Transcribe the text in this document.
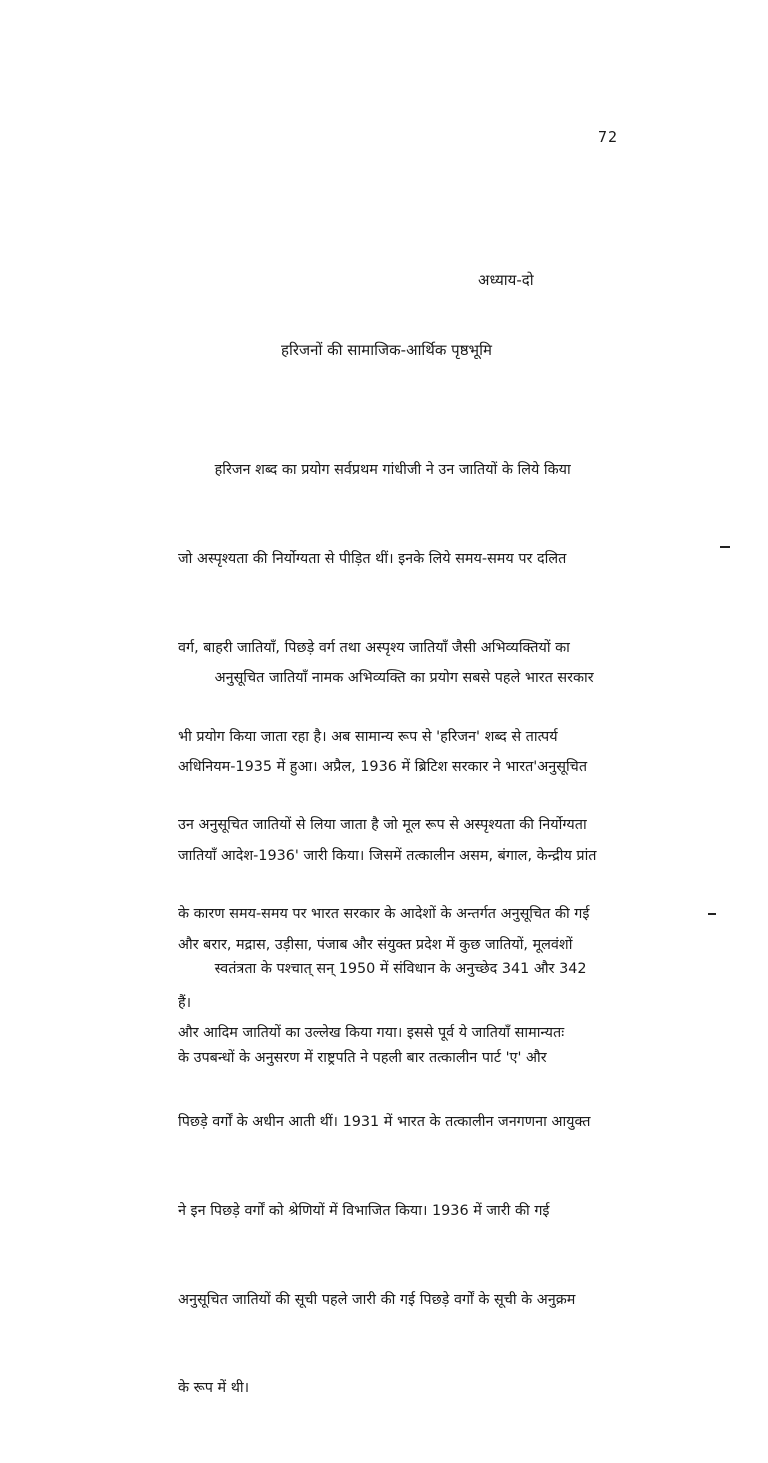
72
अध्याय-दो
हरिजनों की सामाजिक-आर्थिक पृष्ठभूमि

हरिजन शब्द का प्रयोग सर्वप्रथम गांधीजी ने उन जातियों के लिये किया

जो अस्पृश्यता की निर्योग्यता से पीड़ित थीं। इनके लिये समय-समय पर दलित

वर्ग, बाहरी जातियाँ, पिछड़े वर्ग तथा अस्पृश्य जातियाँ जैसी अभिव्यक्तियों का

भी प्रयोग किया जाता रहा है। अब सामान्य रूप से 'हरिजन' शब्द से तात्पर्य

उन अनुसूचित जातियों से लिया जाता है जो मूल रूप से अस्पृश्यता की निर्योग्यता

के कारण समय-समय पर भारत सरकार के आदेशों के अन्तर्गत अनुसूचित की गई

हैं।

अनुसूचित जातियाँ नामक अभिव्यक्ति का प्रयोग सबसे पहले भारत सरकार

अधिनियम-1935 में हुआ। अप्रैल, 1936 में ब्रिटिश सरकार ने भारत'अनुसूचित

जातियाँ आदेश-1936' जारी किया। जिसमें तत्कालीन असम, बंगाल, केन्द्रीय प्रांत

और बरार, मद्रास, उड़ीसा, पंजाब और संयुक्त प्रदेश में कुछ जातियों, मूलवंशों

और आदिम जातियों का उल्लेख किया गया। इससे पूर्व ये जातियाँ सामान्यतः

पिछड़े वर्गों के अधीन आती थीं। 1931 में भारत के तत्कालीन जनगणना आयुक्त

ने इन पिछड़े वर्गों को श्रेणियों में विभाजित किया। 1936 में जारी की गई

अनुसूचित जातियों की सूची पहले जारी की गई पिछड़े वर्गों के सूची के अनुक्रम

के रूप में थी।

स्वतंत्रता के पश्चात् सन् 1950 में संविधान के अनुच्छेद 341 और 342

के उपबन्धों के अनुसरण में राष्ट्रपति ने पहली बार तत्कालीन पार्ट 'ए' और
